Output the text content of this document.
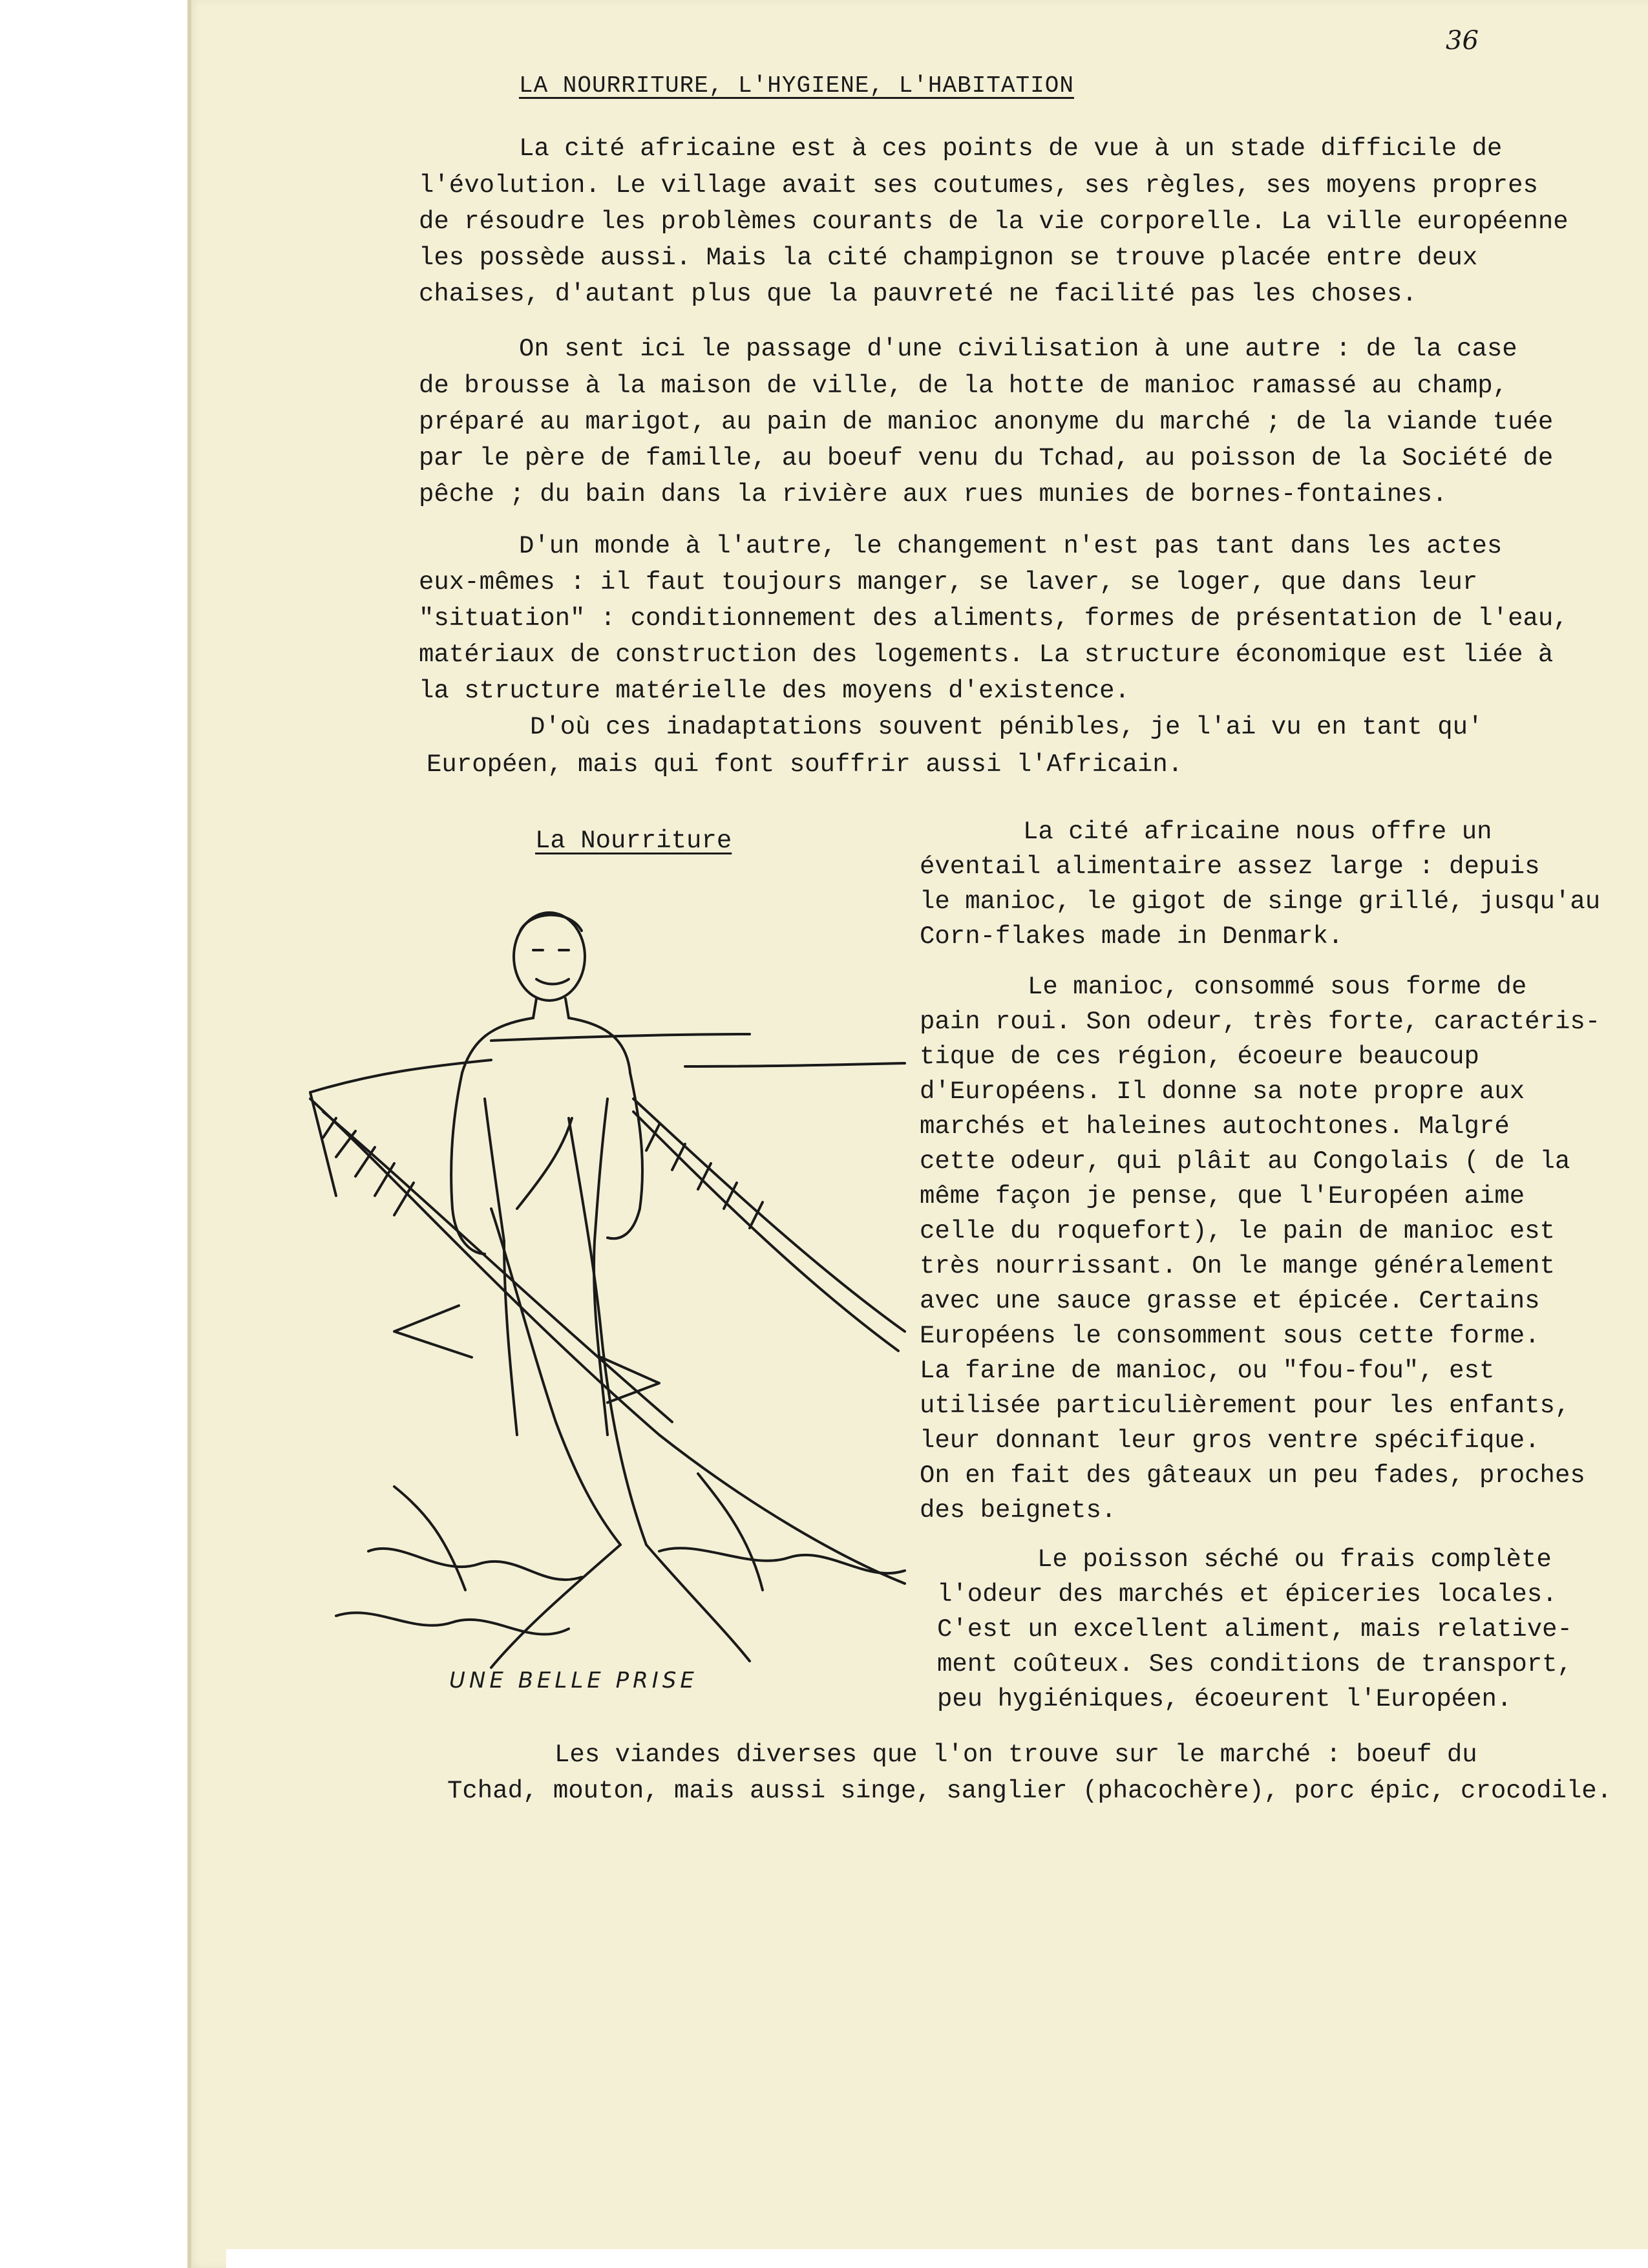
36
LA NOURRITURE, L'HYGIENE, L'HABITATION
La cité africaine est à ces points de vue à un stade difficile de
l'évolution. Le village avait ses coutumes, ses règles, ses moyens propres
de résoudre les problèmes courants de la vie corporelle. La ville européenne
les possède aussi. Mais la cité champignon se trouve placée entre deux
chaises, d'autant plus que la pauvreté ne facilité pas les choses.
On sent ici le passage d'une civilisation à une autre : de la case
de brousse à la maison de ville, de la hotte de manioc ramassé au champ,
préparé au marigot, au pain de manioc anonyme du marché ; de la viande tuée
par le père de famille, au boeuf venu du Tchad, au poisson de la Société de
pêche ; du bain dans la rivière aux rues munies de bornes-fontaines.
D'un monde à l'autre, le changement n'est pas tant dans les actes
eux-mêmes : il faut toujours manger, se laver, se loger, que dans leur
"situation" : conditionnement des aliments, formes de présentation de l'eau,
matériaux de construction des logements. La structure économique est liée à
la structure matérielle des moyens d'existence.
D'où ces inadaptations souvent pénibles, je l'ai vu en tant qu'
Européen, mais qui font souffrir aussi l'Africain.
La Nourriture	La cité africaine nous offre un
éventail alimentaire assez large : depuis
le manioc, le gigot de singe grillé, jusqu'au
Corn-flakes made in Denmark.
Le manioc, consommé sous forme de
pain roui. Son odeur, très forte, caractéris-
tique de ces région, écoeure beaucoup
d'Européens. Il donne sa note propre aux
marchés et haleines autochtones. Malgré
cette odeur, qui plâit au Congolais ( de la
même façon je pense, que l'Européen aime
celle du roquefort), le pain de manioc est
très nourrissant. On le mange généralement
avec une sauce grasse et épicée. Certains
Européens le consomment sous cette forme.
La farine de manioc, ou "fou-fou", est
utilisée particulièrement pour les enfants,
leur donnant leur gros ventre spécifique.
On en fait des gâteaux un peu fades, proches
des beignets.
Le poisson séché ou frais complète
l'odeur des marchés et épiceries locales.
C'est un excellent aliment, mais relative-
ment coûteux. Ses conditions de transport,
peu hygiéniques, écoeurent l'Européen.
Les viandes diverses que l'on trouve sur le marché : boeuf du
Tchad, mouton, mais aussi singe, sanglier (phacochère), porc épic, crocodile.
UNE BELLE PRISE
